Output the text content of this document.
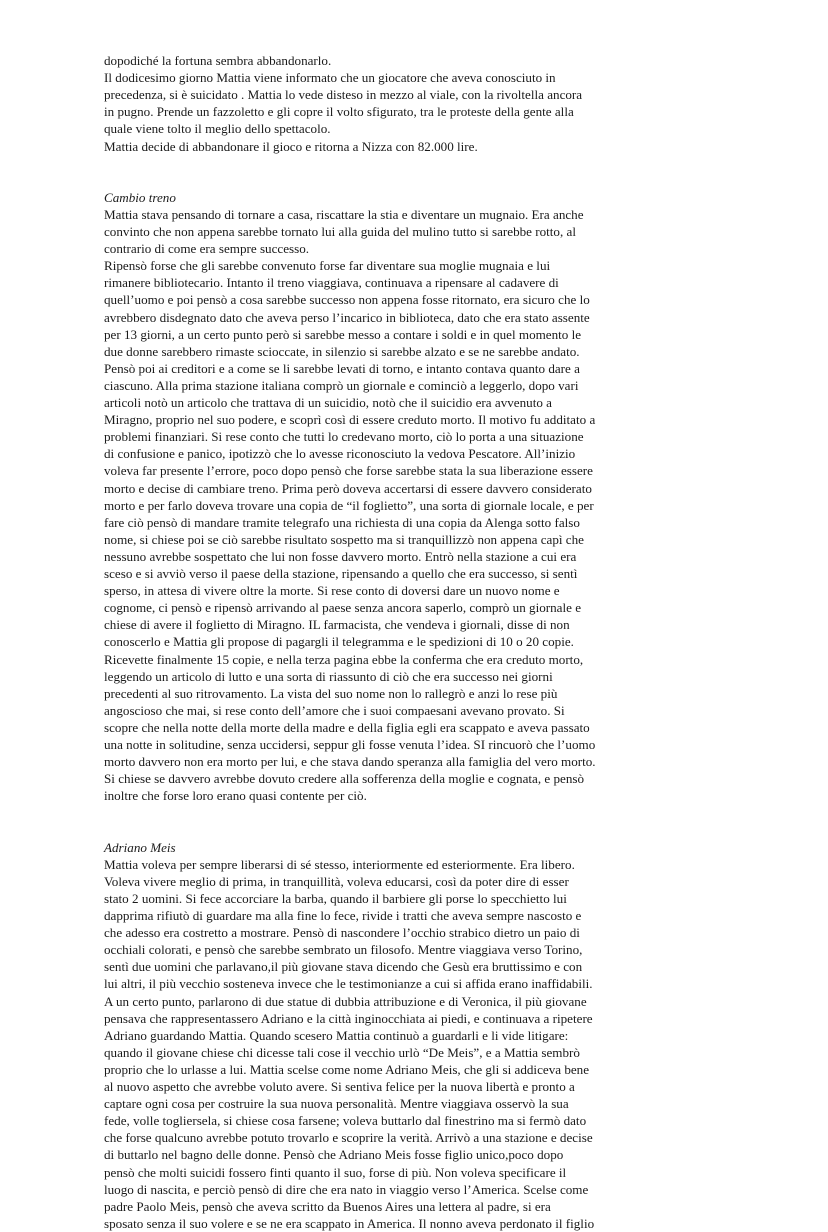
dopodiché la fortuna sembra abbandonarlo.

Il dodicesimo giorno Mattia viene informato che un giocatore che aveva conosciuto in

precedenza, si è suicidato . Mattia lo vede disteso in mezzo al viale, con la rivoltella ancora

in pugno. Prende un fazzoletto e gli copre il volto sfigurato, tra le proteste della gente alla

quale viene tolto il meglio dello spettacolo.

Mattia decide di abbandonare il gioco e ritorna a Nizza con 82.000 lire.

Cambio treno

Mattia stava pensando di tornare a casa, riscattare la stia e diventare un mugnaio. Era anche

convinto che non appena sarebbe tornato lui alla guida del mulino tutto si sarebbe rotto, al

contrario di come era sempre successo.

Ripensò forse che gli sarebbe convenuto forse far diventare sua moglie mugnaia e lui

rimanere bibliotecario. Intanto il treno viaggiava, continuava a ripensare al cadavere di

quell’uomo e poi pensò a cosa sarebbe successo non appena fosse ritornato, era sicuro che lo

avrebbero disdegnato dato che aveva perso l’incarico in biblioteca, dato che era stato assente

per 13 giorni, a un certo punto però si sarebbe messo a contare i soldi e in quel momento le

due donne sarebbero rimaste scioccate, in silenzio si sarebbe alzato e se ne sarebbe andato.

Pensò poi ai creditori e a come se li sarebbe levati di torno, e intanto contava quanto dare a

ciascuno. Alla prima stazione italiana comprò un giornale e cominciò a leggerlo, dopo vari

articoli notò un articolo che trattava di un suicidio, notò che il suicidio era avvenuto a

Miragno, proprio nel suo podere, e scoprì così di essere creduto morto. Il motivo fu additato a

problemi finanziari. Si rese conto che tutti lo credevano morto, ciò lo porta a una situazione

di confusione e panico, ipotizzò che lo avesse riconosciuto la vedova Pescatore. All’inizio

voleva far presente l’errore, poco dopo pensò che forse sarebbe stata la sua liberazione essere

morto e decise di cambiare treno. Prima però doveva accertarsi di essere davvero considerato

morto e per farlo doveva trovare una copia de “il foglietto”, una sorta di giornale locale, e per

fare ciò pensò di mandare tramite telegrafo una richiesta di una copia da Alenga sotto falso

nome, si chiese poi se ciò sarebbe risultato sospetto ma si tranquillizzò non appena capì che

nessuno avrebbe sospettato che lui non fosse davvero morto. Entrò nella stazione a cui era

sceso e si avviò verso il paese della stazione, ripensando a quello che era successo, si sentì

sperso, in attesa di vivere oltre la morte. Si rese conto di doversi dare un nuovo nome e

cognome, ci pensò e ripensò arrivando al paese senza ancora saperlo, comprò un giornale e

chiese di avere il foglietto di Miragno. IL farmacista, che vendeva i giornali, disse di non

conoscerlo e Mattia gli propose di pagargli il telegramma e le spedizioni di 10 o 20 copie.

Ricevette finalmente 15 copie, e nella terza pagina ebbe la conferma che era creduto morto,

leggendo un articolo di lutto e una sorta di riassunto di ciò che era successo nei giorni

precedenti al suo ritrovamento. La vista del suo nome non lo rallegrò e anzi lo rese più

angoscioso che mai, si rese conto dell’amore che i suoi compaesani avevano provato. Si

scopre che nella notte della morte della madre e della figlia egli era scappato e aveva passato

una notte in solitudine, senza uccidersi, seppur gli fosse venuta l’idea. SI rincuorò che l’uomo

morto davvero non era morto per lui, e che stava dando speranza alla famiglia del vero morto.

Si chiese se davvero avrebbe dovuto credere alla sofferenza della moglie e cognata, e pensò

inoltre che forse loro erano quasi contente per ciò.

Adriano Meis

Mattia voleva per sempre liberarsi di sé stesso, interiormente ed esteriormente. Era libero.

Voleva vivere meglio di prima, in tranquillità, voleva educarsi, così da poter dire di esser

stato 2 uomini. Si fece accorciare la barba, quando il barbiere gli porse lo specchietto lui

dapprima rifiutò di guardare ma alla fine lo fece, rivide i tratti che aveva sempre nascosto e

che adesso era costretto a mostrare. Pensò di nascondere l’occhio strabico dietro un paio di

occhiali colorati, e pensò che sarebbe sembrato un filosofo. Mentre viaggiava verso Torino,

sentì due uomini che parlavano,il più giovane stava dicendo che Gesù era bruttissimo e con

lui altri, il più vecchio sosteneva invece che le testimonianze a cui si affida erano inaffidabili.

A un certo punto, parlarono di due statue di dubbia attribuzione e di Veronica, il più giovane

pensava che rappresentassero Adriano e la città inginocchiata ai piedi, e continuava a ripetere

Adriano guardando Mattia. Quando scesero Mattia continuò a guardarli e li vide litigare:

quando il giovane chiese chi dicesse tali cose il vecchio urlò “De Meis”, e a Mattia sembrò

proprio che lo urlasse a lui. Mattia scelse come nome Adriano Meis, che gli si addiceva bene

al nuovo aspetto che avrebbe voluto avere. Si sentiva felice per la nuova libertà e pronto a

captare ogni cosa per costruire la sua nuova personalità. Mentre viaggiava osservò la sua

fede, volle togliersela, si chiese cosa farsene; voleva buttarlo dal finestrino ma si fermò dato

che forse qualcuno avrebbe potuto trovarlo e scoprire la verità. Arrivò a una stazione e decise

di buttarlo nel bagno delle donne. Pensò che Adriano Meis fosse figlio unico,poco dopo

pensò che molti suicidi fossero finti quanto il suo, forse di più. Non voleva specificare il

luogo di nascita, e perciò pensò di dire che era nato in viaggio verso l’America. Scelse come

padre Paolo Meis, pensò che aveva scritto da Buenos Aires una lettera al padre, si era

sposato senza il suo volere e se ne era scappato in America. Il nonno aveva perdonato il figlio
